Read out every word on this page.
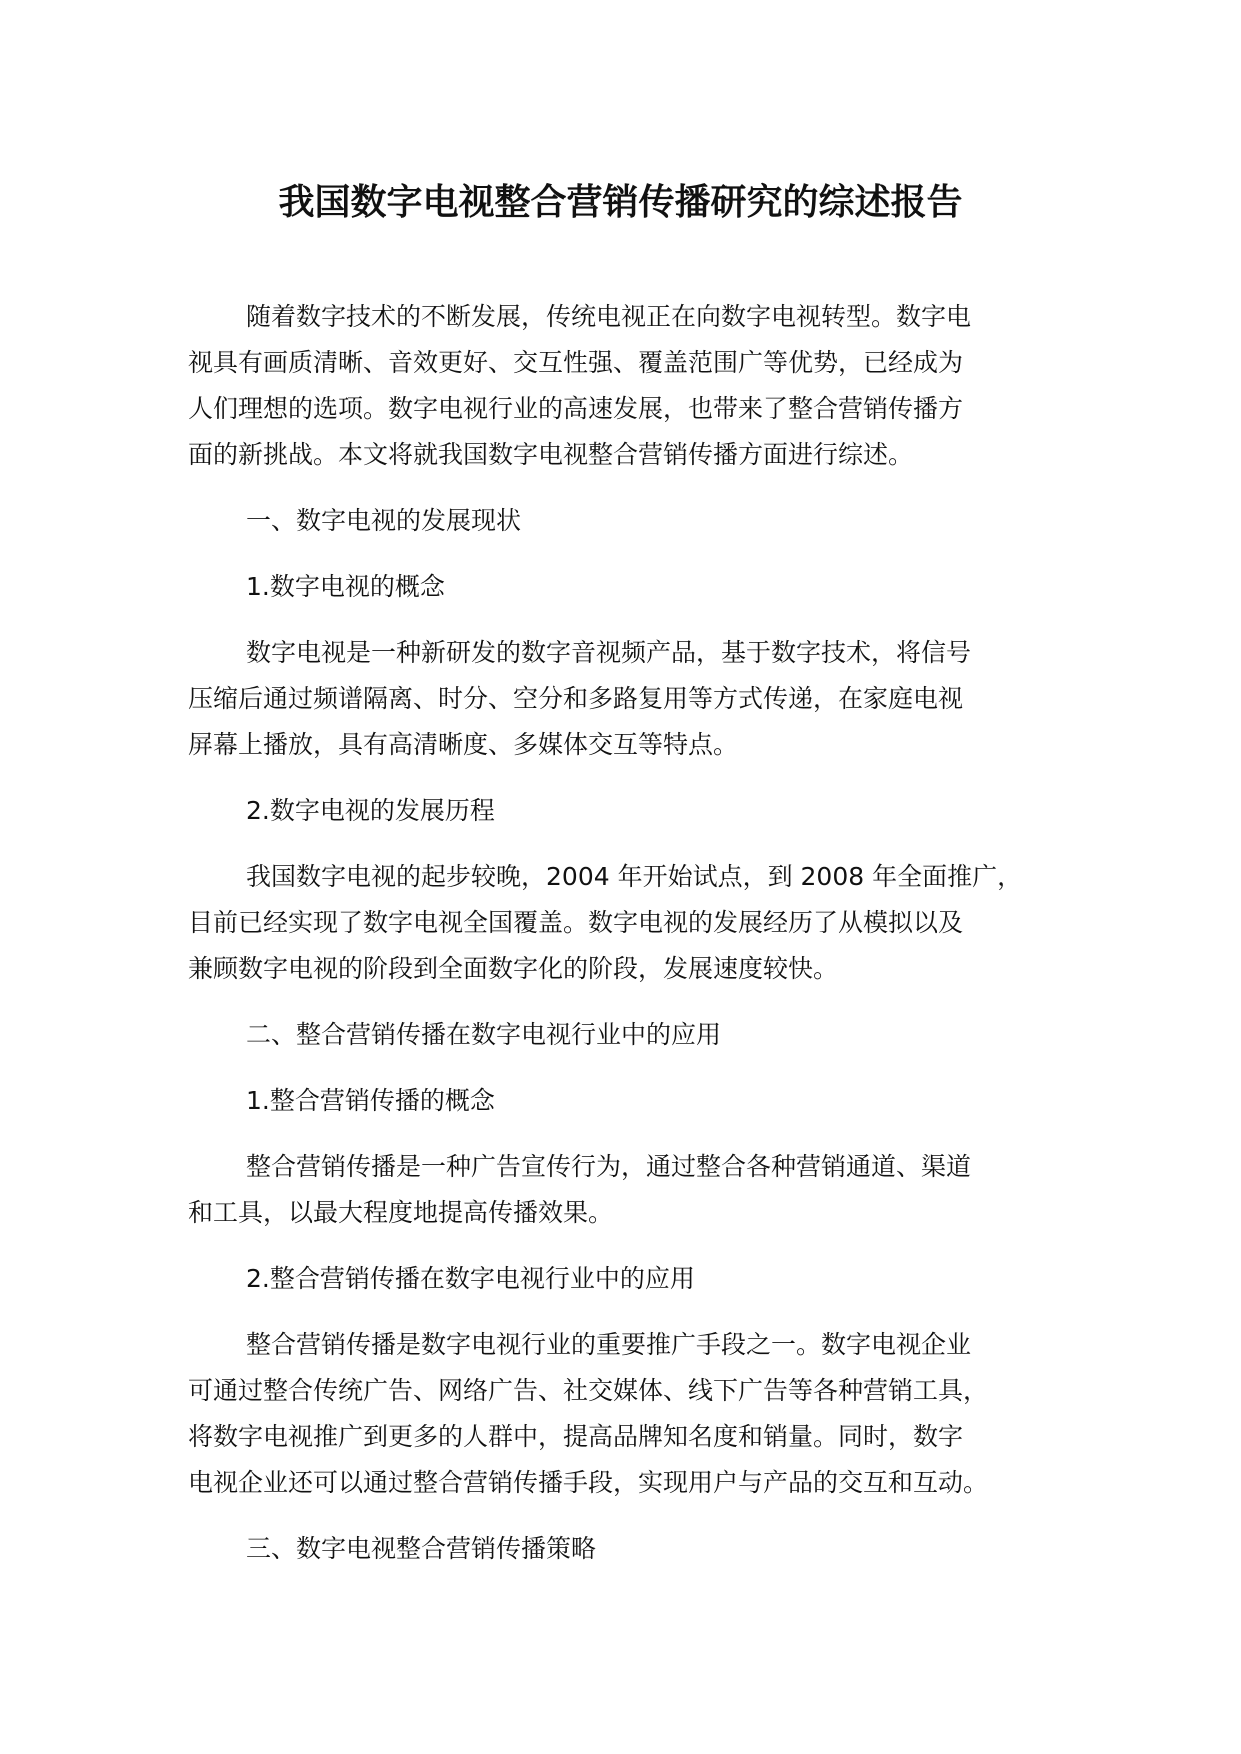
我国数字电视整合营销传播研究的综述报告
随着数字技术的不断发展，传统电视正在向数字电视转型。数字电
视具有画质清晰、音效更好、交互性强、覆盖范围广等优势，已经成为
人们理想的选项。数字电视行业的高速发展，也带来了整合营销传播方
面的新挑战。本文将就我国数字电视整合营销传播方面进行综述。
一、数字电视的发展现状
1.数字电视的概念
数字电视是一种新研发的数字音视频产品，基于数字技术，将信号
压缩后通过频谱隔离、时分、空分和多路复用等方式传递，在家庭电视
屏幕上播放，具有高清晰度、多媒体交互等特点。
2.数字电视的发展历程
我国数字电视的起步较晚，2004 年开始试点，到 2008 年全面推广，
目前已经实现了数字电视全国覆盖。数字电视的发展经历了从模拟以及
兼顾数字电视的阶段到全面数字化的阶段，发展速度较快。
二、整合营销传播在数字电视行业中的应用
1.整合营销传播的概念
整合营销传播是一种广告宣传行为，通过整合各种营销通道、渠道
和工具，以最大程度地提高传播效果。
2.整合营销传播在数字电视行业中的应用
整合营销传播是数字电视行业的重要推广手段之一。数字电视企业
可通过整合传统广告、网络广告、社交媒体、线下广告等各种营销工具，
将数字电视推广到更多的人群中，提高品牌知名度和销量。同时，数字
电视企业还可以通过整合营销传播手段，实现用户与产品的交互和互动。
三、数字电视整合营销传播策略
